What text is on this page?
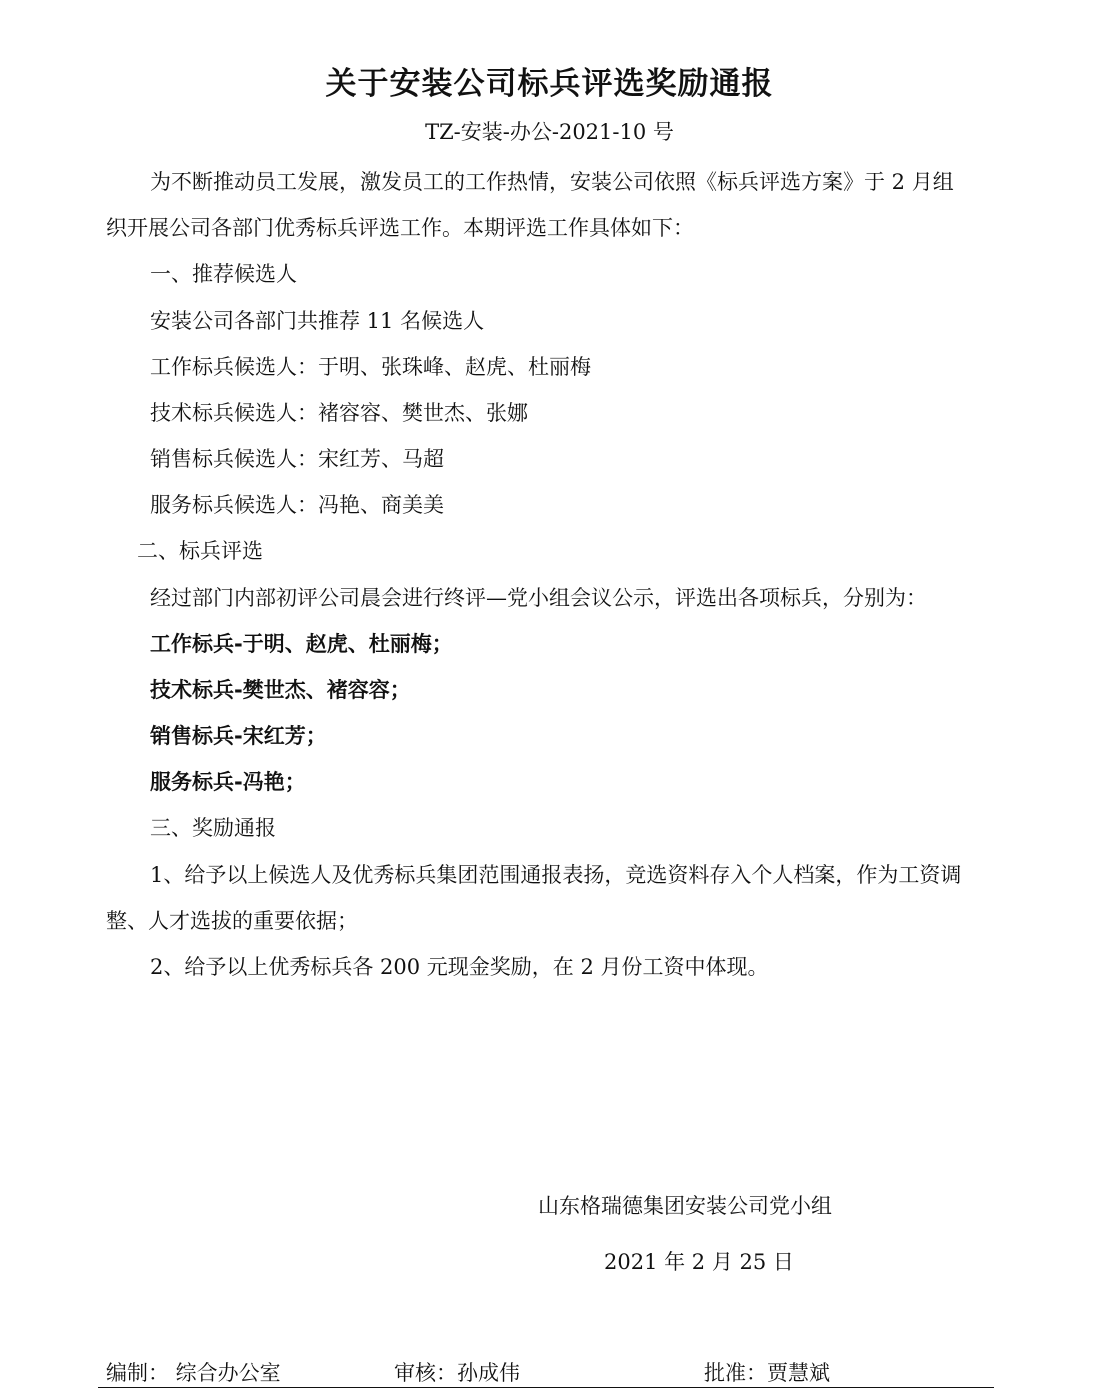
关于安装公司标兵评选奖励通报
TZ-安装-办公-2021-10 号
为不断推动员工发展，激发员工的工作热情，安装公司依照《标兵评选方案》于 2 月组
织开展公司各部门优秀标兵评选工作。本期评选工作具体如下：
一、推荐候选人
安装公司各部门共推荐 11 名候选人
工作标兵候选人：于明、张珠峰、赵虎、杜丽梅
技术标兵候选人：褚容容、樊世杰、张娜
销售标兵候选人：宋红芳、马超
服务标兵候选人：冯艳、商美美
二、标兵评选
经过部门内部初评公司晨会进行终评—党小组会议公示，评选出各项标兵，分别为：
工作标兵-于明、赵虎、杜丽梅；
技术标兵-樊世杰、褚容容；
销售标兵-宋红芳；
服务标兵-冯艳；
三、奖励通报
1、给予以上候选人及优秀标兵集团范围通报表扬，竞选资料存入个人档案，作为工资调
整、人才选拔的重要依据；
2、给予以上优秀标兵各 200 元现金奖励，在 2 月份工资中体现。
山东格瑞德集团安装公司党小组
2021 年 2 月 25 日
编制： 综合办公室	审核：孙成伟	批准：贾慧斌
